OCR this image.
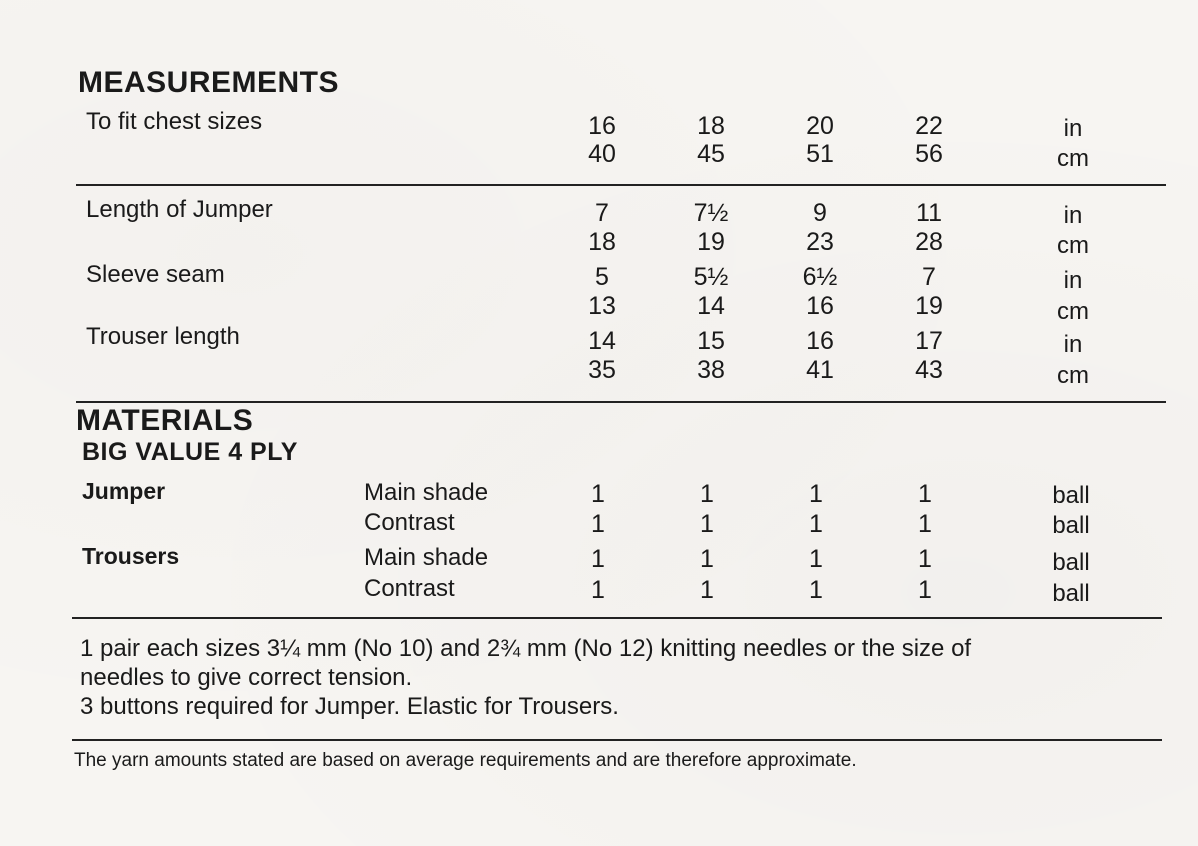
MEASUREMENTS
To fit chest sizes	16	18	20	22	in
40	45	51	56	cm
Length of Jumper	7	7½	9	11	in
18	19	23	28	cm
Sleeve seam	5	5½	6½	7	in
13	14	16	19	cm
Trouser length	14	15	16	17	in
35	38	41	43	cm
MATERIALS
BIG VALUE 4 PLY
Jumper	Main shade	1	1	1	1	ball
Contrast	1	1	1	1	ball
Trousers	Main shade	1	1	1	1	ball
Contrast	1	1	1	1	ball
1 pair each sizes 3¼ mm (No 10) and 2¾ mm (No 12) knitting needles or the size of
needles to give correct tension.
3 buttons required for Jumper. Elastic for Trousers.
The yarn amounts stated are based on average requirements and are therefore approximate.
